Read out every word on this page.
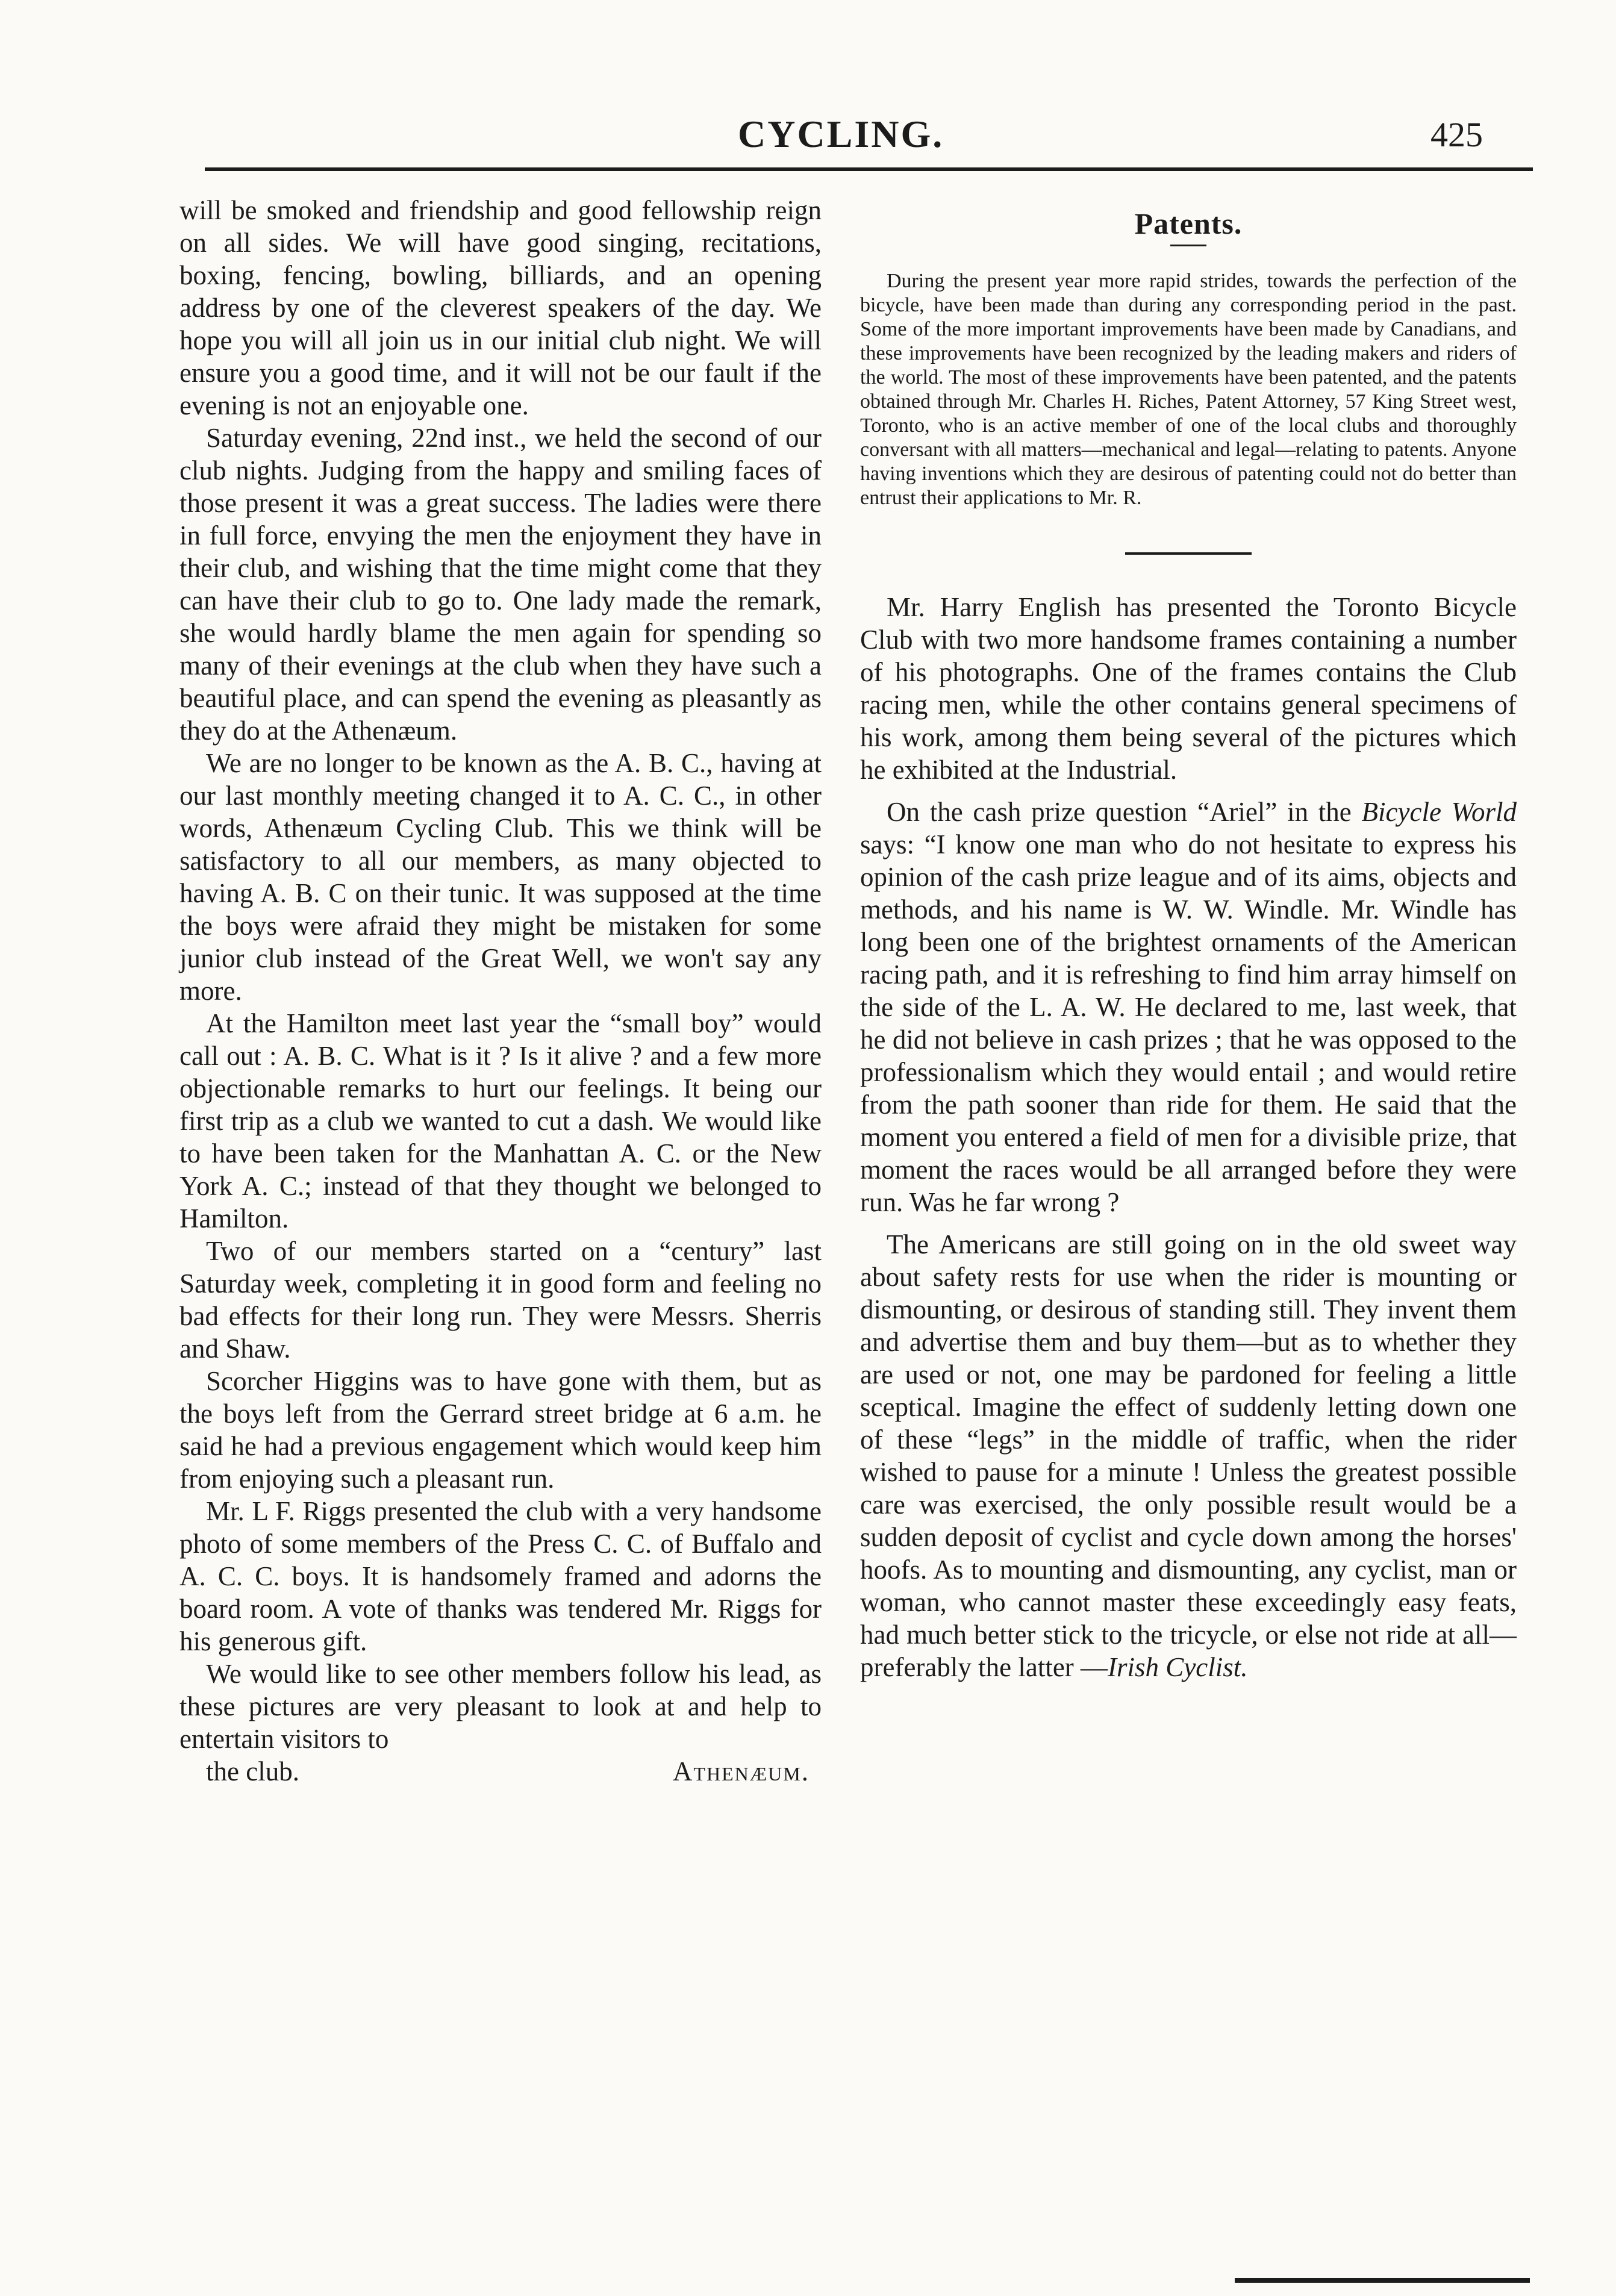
CYCLING.	425

will be smoked and friendship and good fellowship reign on all sides. We will have good singing, recitations, boxing, fencing, bowling, billiards, and an opening address by one of the cleverest speakers of the day. We hope you will all join us in our initial club night. We will ensure you a good time, and it will not be our fault if the evening is not an enjoyable one.

Saturday evening, 22nd inst., we held the second of our club nights. Judging from the happy and smiling faces of those present it was a great success. The ladies were there in full force, envying the men the enjoyment they have in their club, and wishing that the time might come that they can have their club to go to. One lady made the remark, she would hardly blame the men again for spending so many of their evenings at the club when they have such a beautiful place, and can spend the evening as pleasantly as they do at the Athenæum.

We are no longer to be known as the A. B. C., having at our last monthly meeting changed it to A. C. C., in other words, Athenæum Cycling Club. This we think will be satisfactory to all our members, as many objected to having A. B. C on their tunic. It was supposed at the time the boys were afraid they might be mistaken for some junior club instead of the Great Well, we won't say any more.

At the Hamilton meet last year the “small boy” would call out : A. B. C. What is it ? Is it alive ? and a few more objectionable remarks to hurt our feelings. It being our first trip as a club we wanted to cut a dash. We would like to have been taken for the Manhattan A. C. or the New York A. C.; instead of that they thought we belonged to Hamilton.

Two of our members started on a “century” last Saturday week, completing it in good form and feeling no bad effects for their long run. They were Messrs. Sherris and Shaw.

Scorcher Higgins was to have gone with them, but as the boys left from the Gerrard street bridge at 6 a.m. he said he had a previous engagement which would keep him from enjoying such a pleasant run.

Mr. L F. Riggs presented the club with a very handsome photo of some members of the Press C. C. of Buffalo and A. C. C. boys. It is handsomely framed and adorns the board room. A vote of thanks was tendered Mr. Riggs for his generous gift.

We would like to see other members follow his lead, as these pictures are very pleasant to look at and help to entertain visitors to

the club.	Athenæum.

Patents.

During the present year more rapid strides, towards the perfection of the bicycle, have been made than during any corresponding period in the past. Some of the more important improvements have been made by Canadians, and these improvements have been recognized by the leading makers and riders of the world. The most of these improvements have been patented, and the patents obtained through Mr. Charles H. Riches, Patent Attorney, 57 King Street west, Toronto, who is an active member of one of the local clubs and thoroughly conversant with all matters—mechanical and legal—relating to patents. Anyone having inventions which they are desirous of patenting could not do better than entrust their applications to Mr. R.

Mr. Harry English has presented the Toronto Bicycle Club with two more handsome frames containing a number of his photographs. One of the frames contains the Club racing men, while the other contains general specimens of his work, among them being several of the pictures which he exhibited at the Industrial.

On the cash prize question “Ariel” in the Bicycle World says: “I know one man who do not hesitate to express his opinion of the cash prize league and of its aims, objects and methods, and his name is W. W. Windle. Mr. Windle has long been one of the brightest ornaments of the American racing path, and it is refreshing to find him array himself on the side of the L. A. W. He declared to me, last week, that he did not believe in cash prizes ; that he was opposed to the professionalism which they would entail ; and would retire from the path sooner than ride for them. He said that the moment you entered a field of men for a divisible prize, that moment the races would be all arranged before they were run. Was he far wrong ?

The Americans are still going on in the old sweet way about safety rests for use when the rider is mounting or dismounting, or desirous of standing still. They invent them and advertise them and buy them—but as to whether they are used or not, one may be pardoned for feeling a little sceptical. Imagine the effect of suddenly letting down one of these “legs” in the middle of traffic, when the rider wished to pause for a minute ! Unless the greatest possible care was exercised, the only possible result would be a sudden deposit of cyclist and cycle down among the horses' hoofs. As to mounting and dismounting, any cyclist, man or woman, who cannot master these exceedingly easy feats, had much better stick to the tricycle, or else not ride at all—preferably the latter —Irish Cyclist.
